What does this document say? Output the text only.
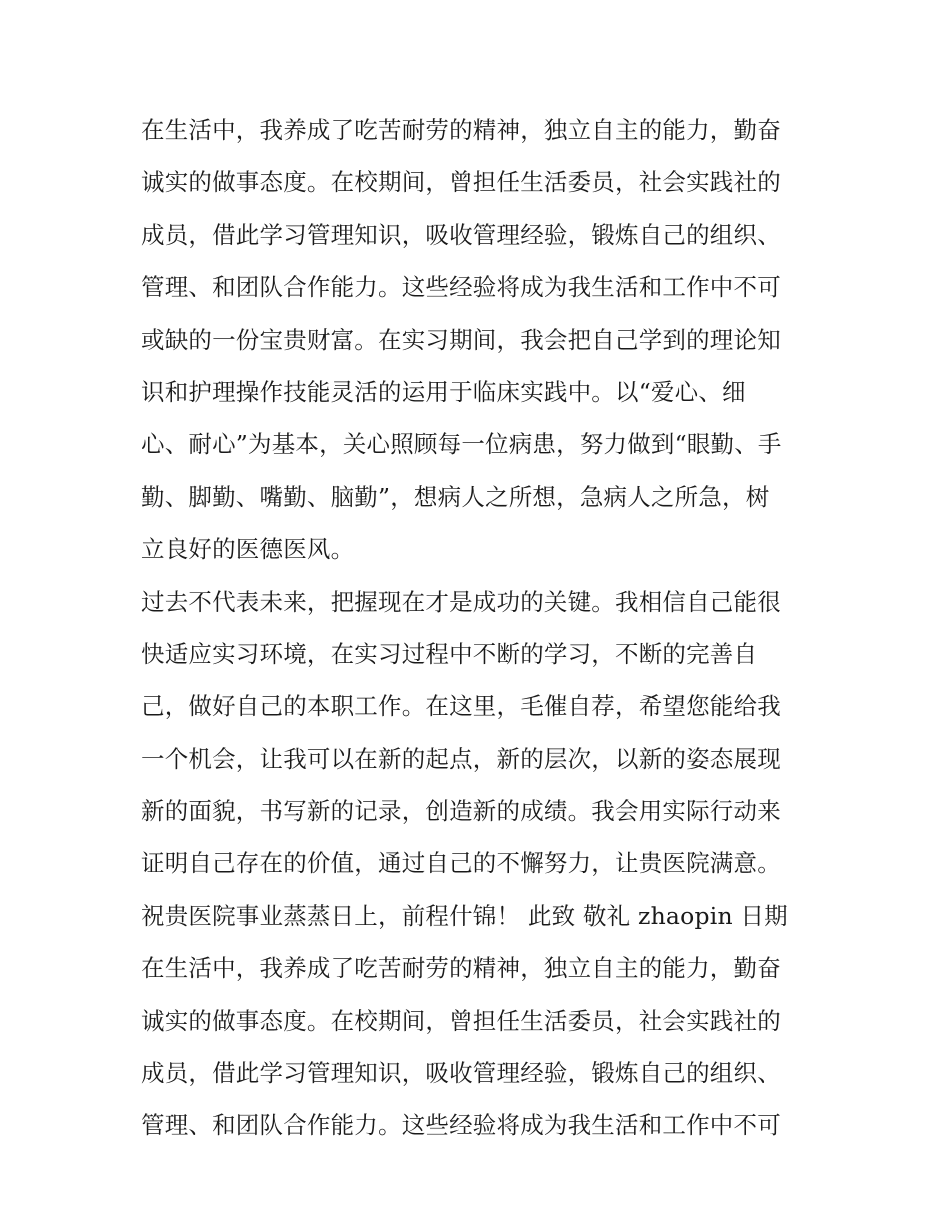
在生活中，我养成了吃苦耐劳的精神，独立自主的能力，勤奋
诚实的做事态度。在校期间，曾担任生活委员，社会实践社的
成员，借此学习管理知识，吸收管理经验，锻炼自己的组织、
管理、和团队合作能力。这些经验将成为我生活和工作中不可
或缺的一份宝贵财富。在实习期间，我会把自己学到的理论知
识和护理操作技能灵活的运用于临床实践中。以“爱心、细
心、耐心”为基本，关心照顾每一位病患，努力做到“眼勤、手
勤、脚勤、嘴勤、脑勤”，想病人之所想，急病人之所急，树
立良好的医德医风。
过去不代表未来，把握现在才是成功的关键。我相信自己能很
快适应实习环境，在实习过程中不断的学习，不断的完善自
己，做好自己的本职工作。在这里，毛催自荐，希望您能给我
一个机会，让我可以在新的起点，新的层次，以新的姿态展现
新的面貌，书写新的记录，创造新的成绩。我会用实际行动来
证明自己存在的价值，通过自己的不懈努力，让贵医院满意。
祝贵医院事业蒸蒸日上，前程什锦！ 此致 敬礼 zhaopin 日期
在生活中，我养成了吃苦耐劳的精神，独立自主的能力，勤奋
诚实的做事态度。在校期间，曾担任生活委员，社会实践社的
成员，借此学习管理知识，吸收管理经验，锻炼自己的组织、
管理、和团队合作能力。这些经验将成为我生活和工作中不可
